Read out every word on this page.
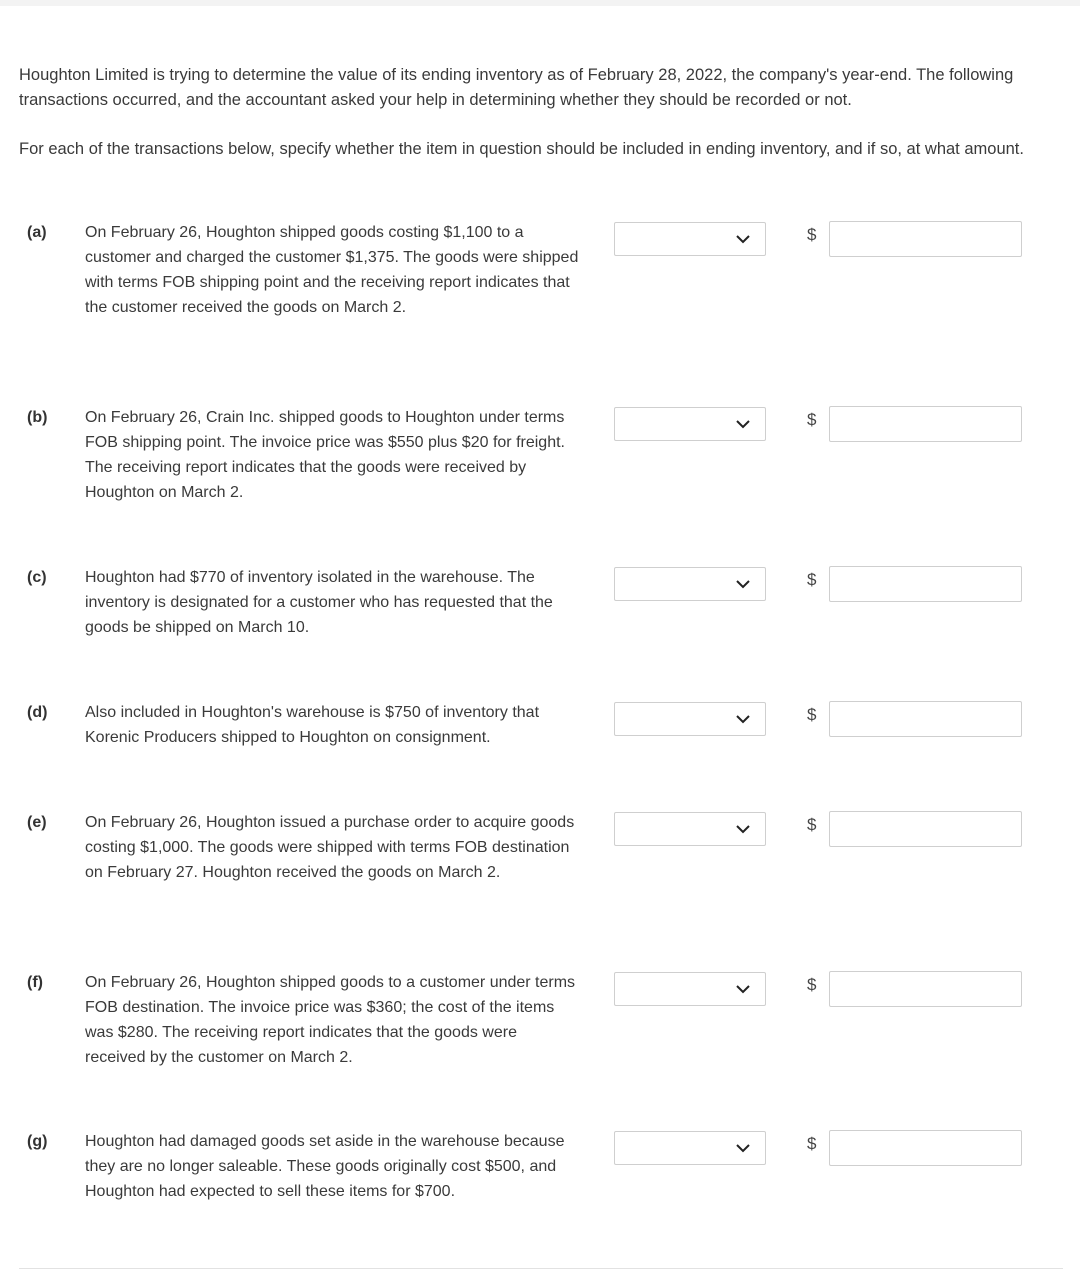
Houghton Limited is trying to determine the value of its ending inventory as of February 28, 2022, the company's year-end. The following transactions occurred, and the accountant asked your help in determining whether they should be recorded or not.

For each of the transactions below, specify whether the item in question should be included in ending inventory, and if so, at what amount.

(a) On February 26, Houghton shipped goods costing $1,100 to a customer and charged the customer $1,375. The goods were shipped with terms FOB shipping point and the receiving report indicates that the customer received the goods on March 2.

$
(b) On February 26, Crain Inc. shipped goods to Houghton under terms FOB shipping point. The invoice price was $550 plus $20 for freight. The receiving report indicates that the goods were received by Houghton on March 2.

$
(c) Houghton had $770 of inventory isolated in the warehouse. The inventory is designated for a customer who has requested that the goods be shipped on March 10.

$
(d) Also included in Houghton's warehouse is $750 of inventory that Korenic Producers shipped to Houghton on consignment.

$
(e) On February 26, Houghton issued a purchase order to acquire goods costing $1,000. The goods were shipped with terms FOB destination on February 27. Houghton received the goods on March 2.

$
(f)	On February 26, Houghton shipped goods to a customer under terms FOB destination. The invoice price was $360; the cost of the items was $280. The receiving report indicates that the goods were received by the customer on March 2.

$
(g) Houghton had damaged goods set aside in the warehouse because they are no longer saleable. These goods originally cost $500, and Houghton had expected to sell these items for $700.

$
